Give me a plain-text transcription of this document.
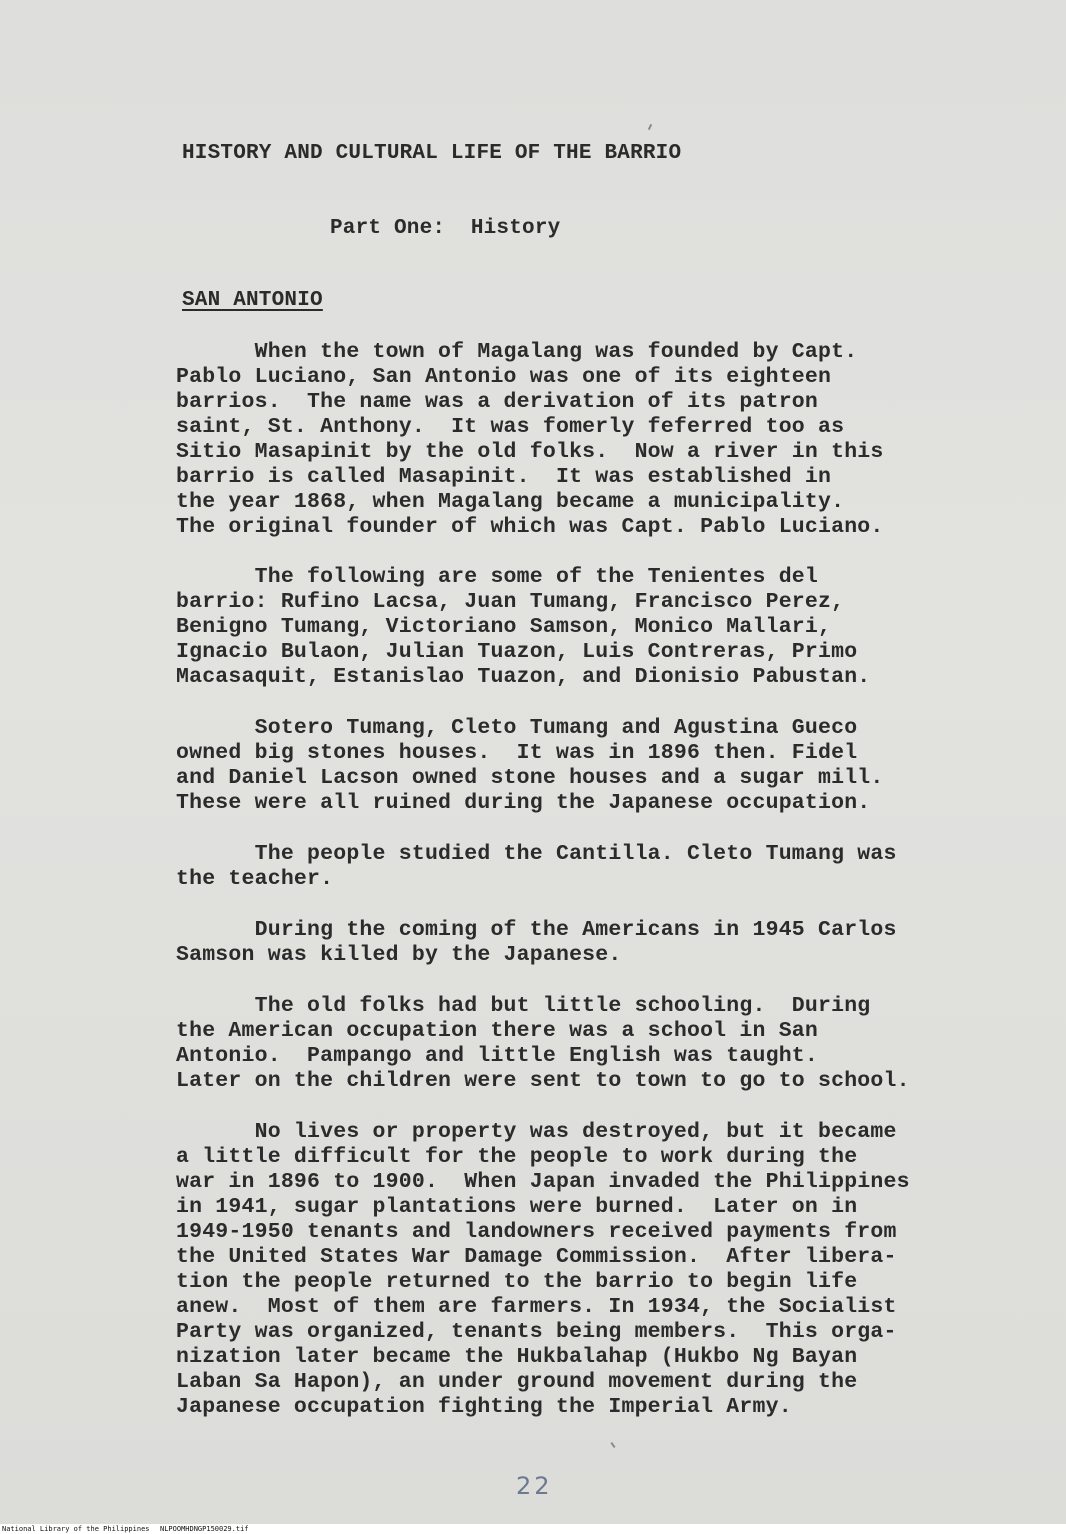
HISTORY AND CULTURAL LIFE OF THE BARRIO
Part One:  History
SAN ANTONIO
When the town of Magalang was founded by Capt.
Pablo Luciano, San Antonio was one of its eighteen
barrios.  The name was a derivation of its patron
saint, St. Anthony.  It was fomerly feferred too as
Sitio Masapinit by the old folks.  Now a river in this
barrio is called Masapinit.  It was established in
the year 1868, when Magalang became a municipality.
The original founder of which was Capt. Pablo Luciano.
The following are some of the Tenientes del
barrio: Rufino Lacsa, Juan Tumang, Francisco Perez,
Benigno Tumang, Victoriano Samson, Monico Mallari,
Ignacio Bulaon, Julian Tuazon, Luis Contreras, Primo
Macasaquit, Estanislao Tuazon, and Dionisio Pabustan.
Sotero Tumang, Cleto Tumang and Agustina Gueco
owned big stones houses.  It was in 1896 then. Fidel
and Daniel Lacson owned stone houses and a sugar mill.
These were all ruined during the Japanese occupation.
The people studied the Cantilla. Cleto Tumang was
the teacher.
During the coming of the Americans in 1945 Carlos
Samson was killed by the Japanese.
The old folks had but little schooling.  During
the American occupation there was a school in San
Antonio.  Pampango and little English was taught.
Later on the children were sent to town to go to school.
No lives or property was destroyed, but it became
a little difficult for the people to work during the
war in 1896 to 1900.  When Japan invaded the Philippines
in 1941, sugar plantations were burned.  Later on in
1949-1950 tenants and landowners received payments from
the United States War Damage Commission.  After libera-
tion the people returned to the barrio to begin life
anew.  Most of them are farmers. In 1934, the Socialist
Party was organized, tenants being members.  This orga-
nization later became the Hukbalahap (Hukbo Ng Bayan
Laban Sa Hapon), an under ground movement during the
Japanese occupation fighting the Imperial Army.
22
National Library of the Philippines NLPOOMHDNGP150029.tif
